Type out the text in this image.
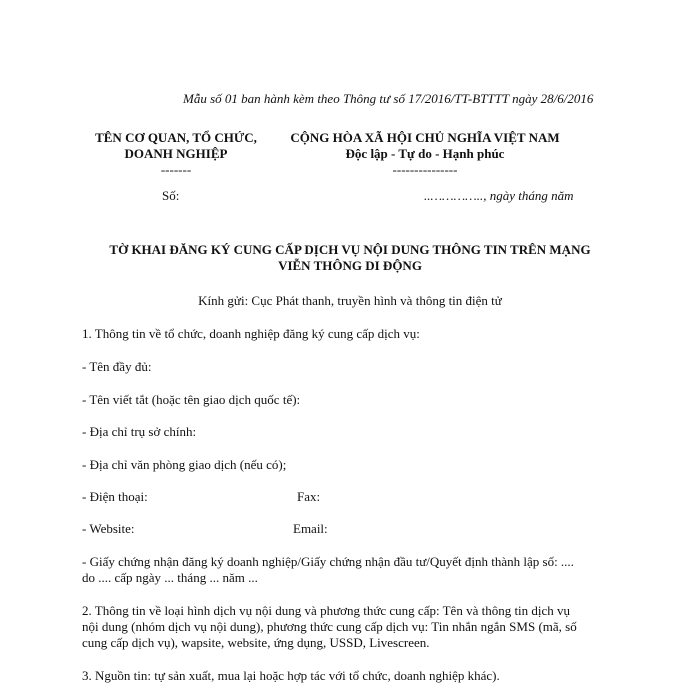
Mẫu số 01 ban hành kèm theo Thông tư số 17/2016/TT-BTTTT ngày 28/6/2016
TÊN CƠ QUAN, TỔ CHỨC,
DOANH NGHIỆP
-------
CỘNG HÒA XÃ HỘI CHỦ NGHĨA VIỆT NAM
Độc lập - Tự do - Hạnh phúc
---------------
Số:	..………….., ngày tháng năm
TỜ KHAI ĐĂNG KÝ CUNG CẤP DỊCH VỤ NỘI DUNG THÔNG TIN TRÊN MẠNG
VIỄN THÔNG DI ĐỘNG
Kính gửi: Cục Phát thanh, truyền hình và thông tin điện tử
1. Thông tin về tổ chức, doanh nghiệp đăng ký cung cấp dịch vụ:
- Tên đầy đủ:
- Tên viết tắt (hoặc tên giao dịch quốc tế):
- Địa chỉ trụ sở chính:
- Địa chỉ văn phòng giao dịch (nếu có);
- Điện thoại:	Fax:
- Website:	Email:
- Giấy chứng nhận đăng ký doanh nghiệp/Giấy chứng nhận đầu tư/Quyết định thành lập số: ....
do .... cấp ngày ... tháng ... năm ...
2. Thông tin về loại hình dịch vụ nội dung và phương thức cung cấp: Tên và thông tin dịch vụ
nội dung (nhóm dịch vụ nội dung), phương thức cung cấp dịch vụ: Tin nhắn ngắn SMS (mã, số
cung cấp dịch vụ), wapsite, website, ứng dụng, USSD, Livescreen.
3. Nguồn tin: tự sản xuất, mua lại hoặc hợp tác với tổ chức, doanh nghiệp khác).
